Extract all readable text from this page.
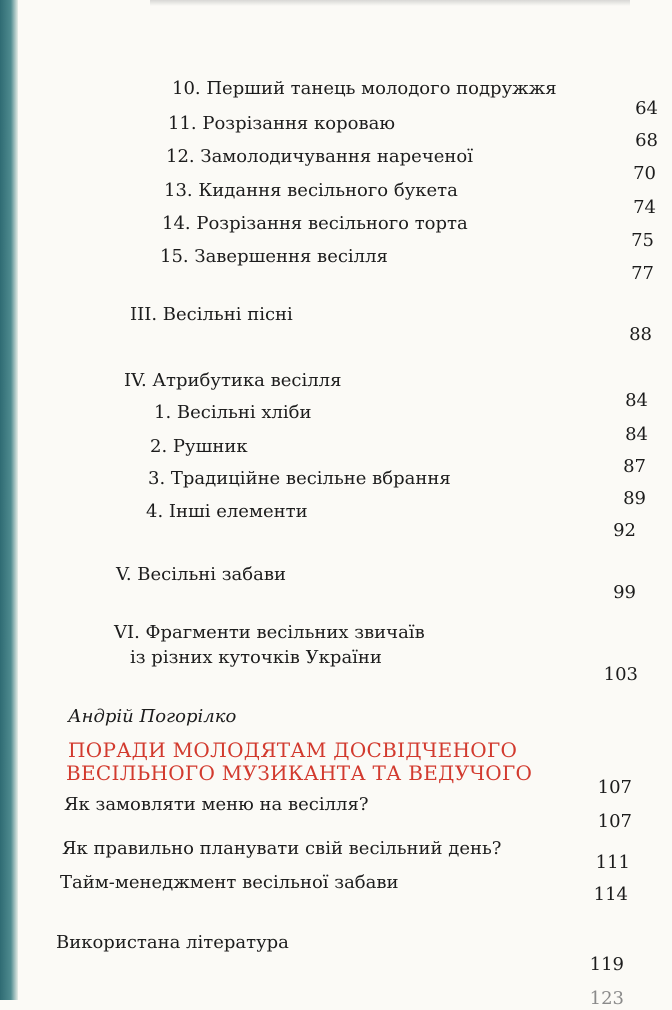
10. Перший танець молодого подружжя
64
11. Розрізання короваю
68
12. Замолодичування нареченої
70
13. Кидання весільного букета
74
14. Розрізання весільного торта
75
15. Завершення весілля
77
III. Весільні пісні
88
IV. Атрибутика весілля
1. Весільні хліби
84
2. Рушник
84
3. Традиційне весільне вбрання
87
4. Інші елементи
89
92
V. Весільні забави
99
VI. Фрагменти весільних звичаїв
із різних куточків України
103
Андрій Погорілко
ПОРАДИ МОЛОДЯТАМ ДОСВІДЧЕНОГО
ВЕСІЛЬНОГО МУЗИКАНТА ТА ВЕДУЧОГО
107
Як замовляти меню на весілля?
107
Як правильно планувати свій весільний день?
111
Тайм-менеджмент весільної забави
114
Використана література
119
123
